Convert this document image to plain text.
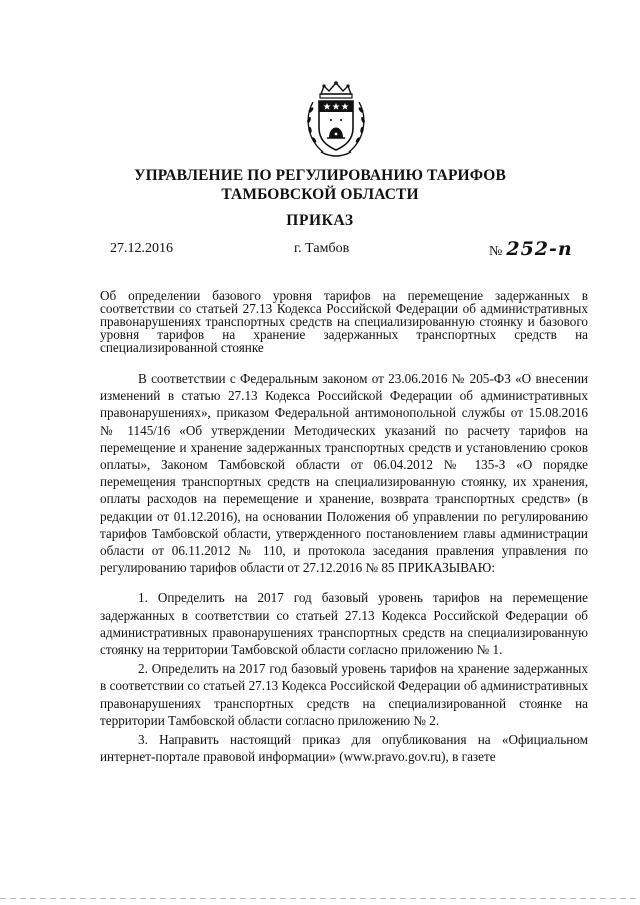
УПРАВЛЕНИЕ ПО РЕГУЛИРОВАНИЮ ТАРИФОВ
ТАМБОВСКОЙ ОБЛАСТИ
ПРИКАЗ
27.12.2016	г. Тамбов	№ 252-п
Об определении базового уровня тарифов на перемещение задержанных в соответствии со статьей 27.13 Кодекса Российской Федерации об административных правонарушениях транспортных средств на специализированную стоянку и базового уровня тарифов на хранение задержанных транспортных средств на специализированной стоянке

В соответствии с Федеральным законом от 23.06.2016 № 205-ФЗ «О внесении изменений в статью 27.13 Кодекса Российской Федерации об административных правонарушениях», приказом Федеральной антимонопольной службы от 15.08.2016 № 1145/16 «Об утверждении Методических указаний по расчету тарифов на перемещение и хранение задержанных транспортных средств и установлению сроков оплаты», Законом Тамбовской области от 06.04.2012 № 135-З «О порядке перемещения транспортных средств на специализированную стоянку, их хранения, оплаты расходов на перемещение и хранение, возврата транспортных средств» (в редакции от 01.12.2016), на основании Положения об управлении по регулированию тарифов Тамбовской области, утвержденного постановлением главы администрации области от 06.11.2012 № 110, и протокола заседания правления управления по регулированию тарифов области от 27.12.2016 № 85 ПРИКАЗЫВАЮ:

1. Определить на 2017 год базовый уровень тарифов на перемещение задержанных в соответствии со статьей 27.13 Кодекса Российской Федерации об административных правонарушениях транспортных средств на специализированную стоянку на территории Тамбовской области согласно приложению № 1.

2. Определить на 2017 год базовый уровень тарифов на хранение задержанных в соответствии со статьей 27.13 Кодекса Российской Федерации об административных правонарушениях транспортных средств на специализированной стоянке на территории Тамбовской области согласно приложению № 2.

3. Направить настоящий приказ для опубликования на «Официальном интернет-портале правовой информации» (www.pravo.gov.ru), в газете
